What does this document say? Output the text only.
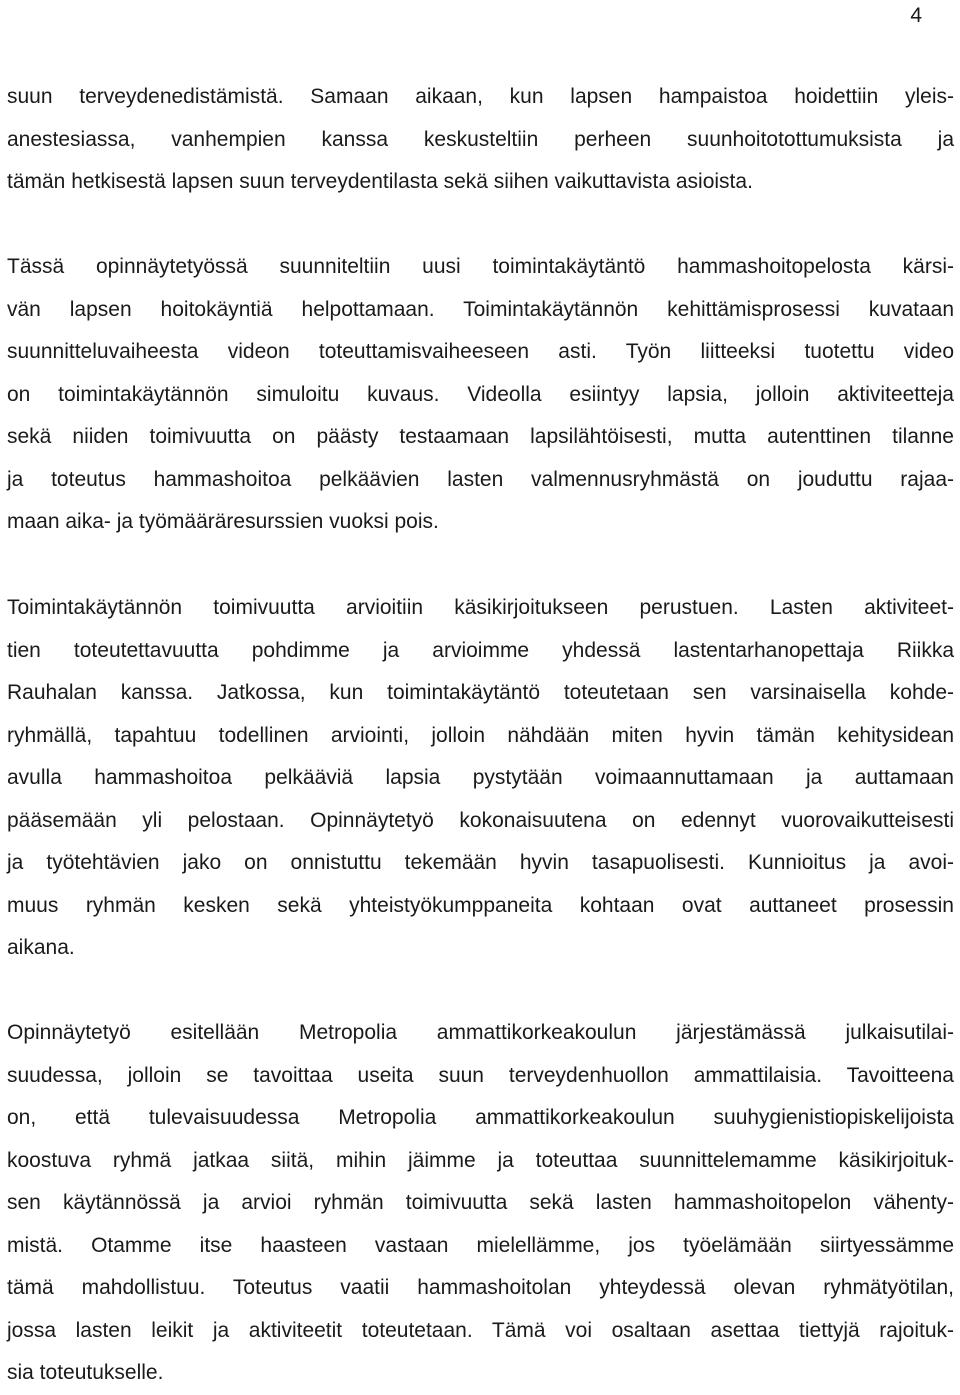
4
suun terveydenedistämistä. Samaan aikaan, kun lapsen hampaistoa hoidettiin yleis-
anestesiassa, vanhempien kanssa keskusteltiin perheen suunhoitotottumuksista ja
tämän hetkisestä lapsen suun terveydentilasta sekä siihen vaikuttavista asioista.
Tässä opinnäytetyössä suunniteltiin uusi toimintakäytäntö hammashoitopelosta kärsi-
vän lapsen hoitokäyntiä helpottamaan. Toimintakäytännön kehittämisprosessi kuvataan
suunnitteluvaiheesta videon toteuttamisvaiheeseen asti. Työn liitteeksi tuotettu video
on toimintakäytännön simuloitu kuvaus. Videolla esiintyy lapsia, jolloin aktiviteetteja
sekä niiden toimivuutta on päästy testaamaan lapsilähtöisesti, mutta autenttinen tilanne
ja toteutus hammashoitoa pelkäävien lasten valmennusryhmästä on jouduttu rajaa-
maan aika- ja työmääräresurssien vuoksi pois.
Toimintakäytännön toimivuutta arvioitiin käsikirjoitukseen perustuen. Lasten aktiviteet-
tien toteutettavuutta pohdimme ja arvioimme yhdessä lastentarhanopettaja Riikka
Rauhalan kanssa. Jatkossa, kun toimintakäytäntö toteutetaan sen varsinaisella kohde-
ryhmällä, tapahtuu todellinen arviointi, jolloin nähdään miten hyvin tämän kehitysidean
avulla hammashoitoa pelkääviä lapsia pystytään voimaannuttamaan ja auttamaan
pääsemään yli pelostaan. Opinnäytetyö kokonaisuutena on edennyt vuorovaikutteisesti
ja työtehtävien jako on onnistuttu tekemään hyvin tasapuolisesti. Kunnioitus ja avoi-
muus ryhmän kesken sekä yhteistyökumppaneita kohtaan ovat auttaneet prosessin
aikana.
Opinnäytetyö esitellään Metropolia ammattikorkeakoulun järjestämässä julkaisutilai-
suudessa, jolloin se tavoittaa useita suun terveydenhuollon ammattilaisia. Tavoitteena
on, että tulevaisuudessa Metropolia ammattikorkeakoulun suuhygienistiopiskelijoista
koostuva ryhmä jatkaa siitä, mihin jäimme ja toteuttaa suunnittelemamme käsikirjoituk-
sen käytännössä ja arvioi ryhmän toimivuutta sekä lasten hammashoitopelon vähenty-
mistä. Otamme itse haasteen vastaan mielellämme, jos työelämään siirtyessämme
tämä mahdollistuu. Toteutus vaatii hammashoitolan yhteydessä olevan ryhmätyötilan,
jossa lasten leikit ja aktiviteetit toteutetaan. Tämä voi osaltaan asettaa tiettyjä rajoituk-
sia toteutukselle.
